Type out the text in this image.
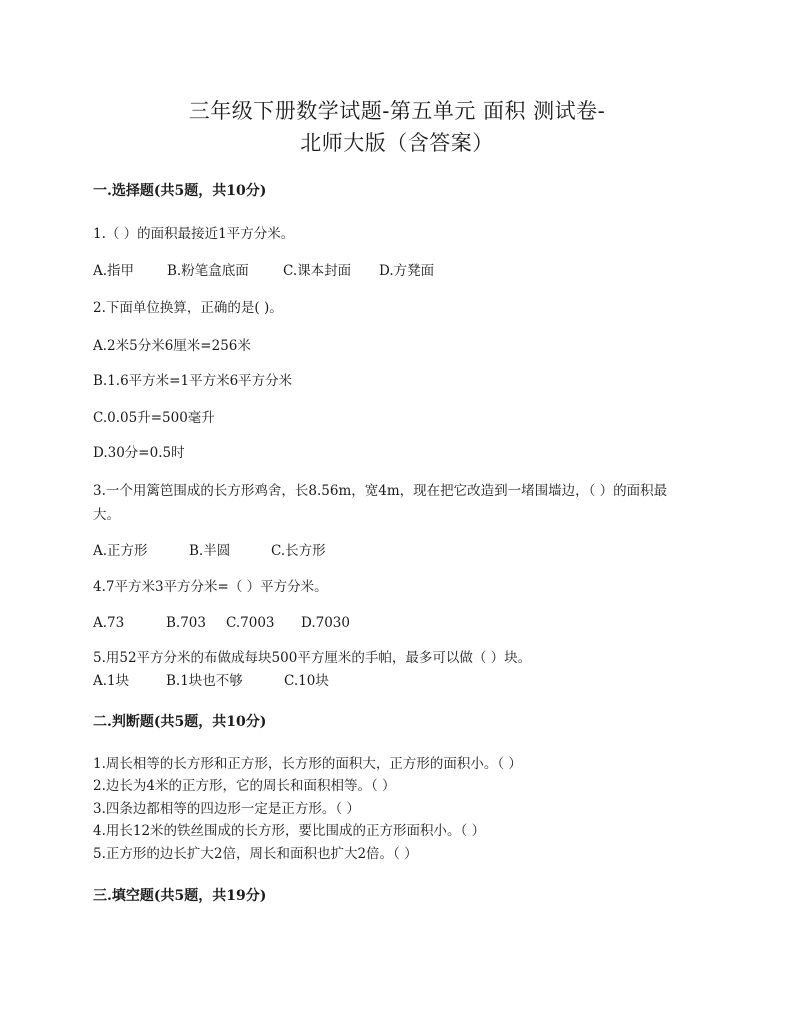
三年级下册数学试题-第五单元 面积 测试卷-
北师大版（含答案）
一.选择题(共5题，共10分)
1.（ ）的面积最接近1平方分米。
A.指甲 B.粉笔盒底面	C.课本封面 D.方凳面
2.下面单位换算，正确的是( )。
A.2米5分米6厘米=256米
B.1.6平方米=1平方米6平方分米
C.0.05升=500毫升
D.30分=0.5时
3.一个用篱笆围成的长方形鸡舍，长8.56m，宽4m，现在把它改造到一堵围墙边，（ ）的面积最大。
A.正方形	B.半圆	C.长方形
4.7平方米3平方分米=（ ）平方分米。
A.73	B.703 C.7003 D.7030
5.用52平方分米的布做成每块500平方厘米的手帕，最多可以做（ ）块。
A.1块	B.1块也不够	C.10块
二.判断题(共5题，共10分)
1.周长相等的长方形和正方形，长方形的面积大，正方形的面积小。（ ）
2.边长为4米的正方形，它的周长和面积相等。（ ）
3.四条边都相等的四边形一定是正方形。（ ）
4.用长12米的铁丝围成的长方形，要比围成的正方形面积小。（ ）
5.正方形的边长扩大2倍，周长和面积也扩大2倍。（ ）
三.填空题(共5题，共19分)
